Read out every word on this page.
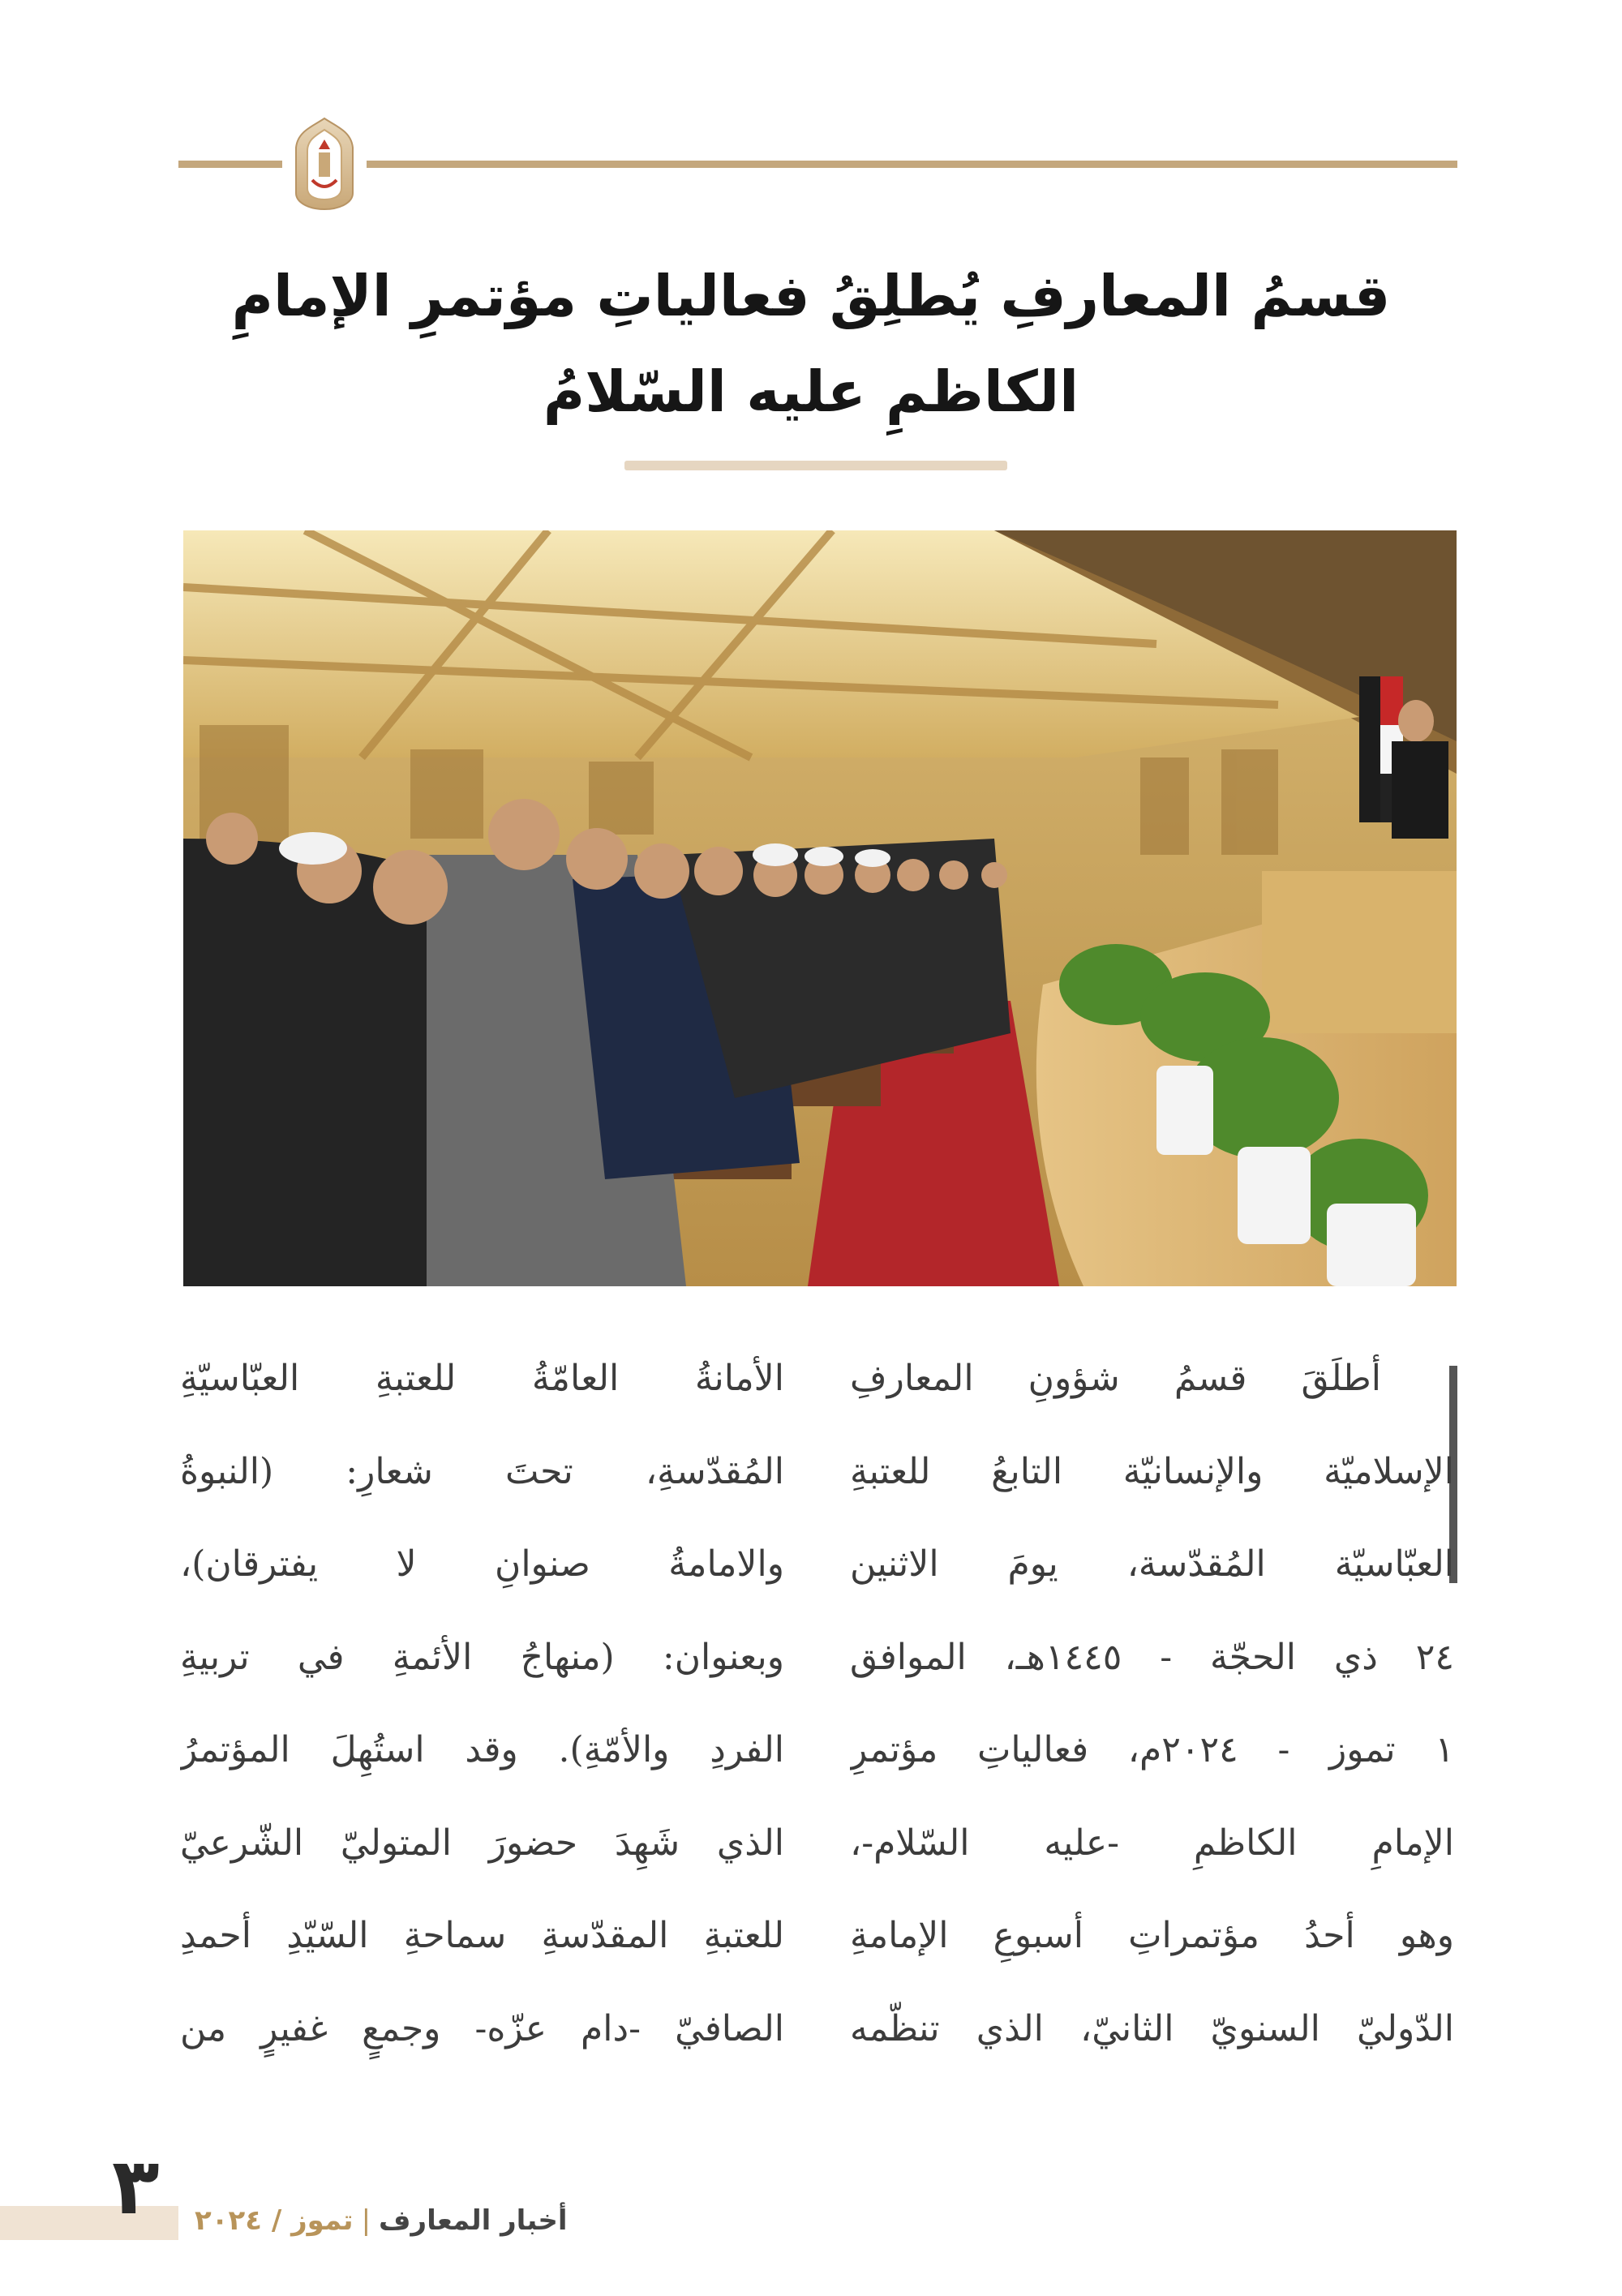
قسمُ المعارفِ يُطلِقُ فعالياتِ مؤتمرِ الإمامِ
الكاظمِ عليه السّلامُ
أطلَقَ قسمُ شؤونِ المعارفِ
الإسلاميّة والإنسانيّة التابعُ للعتبةِ
العبّاسيّة المُقدّسة، يومَ الاثنين
٢٤ ذي الحجّة - ١٤٤٥هـ، الموافق
١ تموز - ٢٠٢٤م، فعالياتِ مؤتمرِ
الإمامِ الكاظمِ -عليه السّلام-،
وهو أحدُ مؤتمراتِ أسبوعِ الإمامةِ
الدّوليّ السنويّ الثانيّ، الذي تنظّمه
الأمانةُ العامّةُ للعتبةِ العبّاسيّةِ
المُقدّسةِ، تحتَ شعارِ: (النبوةُ
والامامةُ صنوانِ لا يفترقان)،
وبعنوان: (منهاجُ الأئمةِ في تربيةِ
الفردِ والأمّةِ). وقد استُهِلَ المؤتمرُ
الذي شَهِدَ حضورَ المتوليّ الشّرعيّ
للعتبةِ المقدّسةِ سماحةِ السّيّدِ أحمدِ
الصافيّ -دام عزّه- وجمعٍ غفيرٍ من
٣	أخبار المعارف|تموز / ٢٠٢٤
